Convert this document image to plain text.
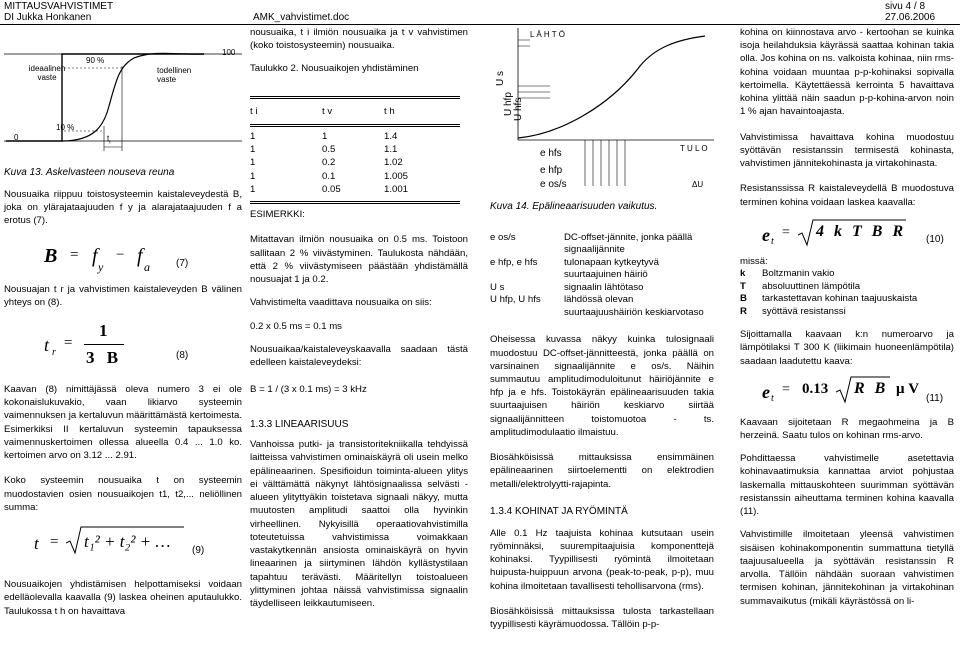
MITTAUSVAHVISTIMET
DI Jukka Honkanen	AMK_vahvistimet.doc
sivu 4 / 8
27.06.2006
ideaalinen vaste
todellinen vaste
90 %
10 %
100
0	$t_r$
Kuva 13. Askelvasteen nouseva reuna

Nousuaika riippuu toistosysteemin kaistaleveydestä B, joka on ylärajataajuuden f y ja alarajataajuuden f a erotus (7).

B = f y
− f a	(7)

Nousuajan t r ja vahvistimen kaistaleveyden B välinen yhteys on (8).

t r
=
1
3 B	(8)

Kaavan (8) nimittäjässä oleva numero 3 ei ole kokonaislukuvakio, vaan likiarvo systeemin vaimennuksen ja kertaluvun määrittämästä kertoimesta. Esimerkiksi II kertaluvun systeemin tapauksessa vaimennuskertoimen ollessa alueella 0.4 ... 1.0 ko. kertoimen arvo on 3.12 ... 2.91.

Koko systeemin nousuaika t on systeemin muodostavien osien nousuaikojen t1, t2,... neliöllinen summa:

t = t₁² + t₂² + … (9)

Nousuaikojen yhdistämisen helpottamiseksi voidaan edelläolevalla kaavalla (9) laskea oheinen aputaulukko. Taulukossa t h on havaittava

nousuaika, t i ilmiön nousuaika ja t v vahvistimen (koko toistosysteemin) nousuaika.

Taulukko 2. Nousuaikojen yhdistäminen
t i	t v	t h
1	1	1.4
1	0.5	1.1
1	0.2	1.02
1	0.1	1.005
1	0.05	1.001
ESIMERKKI:

Mitattavan ilmiön nousuaika on 0.5 ms. Toistoon sallitaan 2 % viivästyminen. Taulukosta nähdään, että 2 % viivästymiseen päästään yhdistämällä nousuajat 1 ja 0.2.

Vahvistimelta vaadittava nousuaika on siis:

0.2 x 0.5 ms = 0.1 ms

Nousuaikaa/kaistaleveyskaavalla saadaan tästä edelleen kaistaleveydeksi:

B = 1 / (3 x 0.1 ms) = 3 kHz
1.3.3 LINEAARISUUS

Vanhoissa putki- ja transistoritekniikalla tehdyissä laitteissa vahvistimen ominaiskäyrä oli usein melko epälineaarinen. Spesifioidun toiminta-alueen ylitys ei välttämättä näkynyt lähtösignaalissa selvästi - alueen ylityttyäkin toistetava signaali näkyy, mutta muutosten amplitudi saattoi olla hyvinkin virheellinen. Nykyisillä operaatiovahvistimilla toteutetuissa vahvistimissa voimakkaan vastakytkennän ansiosta ominaiskäyrä on hyvin lineaarinen ja siirtyminen lähdön kyllästystilaan tapahtuu terävästi. Määritellyn toistoalueen ylittyminen johtaa näissä vahvistimissa signaalin täydelliseen leikkautumiseen.

L Ä H T Ö
T U L O
U s
U hfp U hfs
e hfs
e hfp
e os/s	ΔU
Kuva 14. Epälineaarisuuden vaikutus.
e os/s	DC-offset-jännite, jonka päällä signaalijännite
e hfp, e hfs	tulonapaan kytkeytyvä suurtaajuinen häiriö
U s	signaalin lähtötaso
U hfp, U hfs	lähdössä olevan suurtaajuushäiriön keskiarvotaso

Oheisessa kuvassa näkyy kuinka tulosignaali muodostuu DC-offset-jännitteestä, jonka päällä on varsinainen signaalijännite e os/s. Näihin summautuu amplitudimoduloitunut häiriöjännite e hfp ja e hfs. Toistokäyrän epälineaarisuuden takia suurtaajuisen häiriön keskiarvo siirtää signaalijännitteen toistomuotoa - ts. amplitudimodulaatio ilmaistuu.

Biosähköisissä mittauksissa ensimmäinen epälineaarinen siirtoelementti on elektrodien metalli/elektrolyytti-rajapinta.

1.3.4 KOHINAT JA RYÖMINTÄ

Alle 0.1 Hz taajuista kohinaa kutsutaan usein ryöminnäksi, suurempitaajuisia komponenttejä kohinaksi. Tyypillisesti ryömintä ilmoitetaan huipusta-huippuun arvona (peak-to-peak, p-p), muu kohina ilmoitetaan tavallisesti tehollisarvona (rms).

Biosähköisissä mittauksissa tulosta tarkastellaan tyypillisesti käyrämuodossa. Tällöin p-p-

kohina on kiinnostava arvo - kertoohan se kuinka isoja heilahduksia käyrässä saattaa kohinan takia olla. Jos kohina on ns. valkoista kohinaa, niin rms-kohina voidaan muuntaa p-p-kohinaksi sopivalla kertoimella. Käytettäessä kerrointa 5 havaittava kohina ylittää näin saadun p-p-kohina-arvon noin 1 % ajan havaintoajasta.

Vahvistimissa havaittava kohina muodostuu syöttävän resistanssin termisestä kohinasta, vahvistimen jännitekohinasta ja virtakohinasta.

Resistanssissa R kaistaleveydellä B muodostuva terminen kohina voidaan laskea kaavalla:

e t
= 4 k T B R (10)
missä:
k	Boltzmanin vakio
T	absoluuttinen lämpötila
B	tarkastettavan kohinan taajuuskaista
R	syöttävä resistanssi

Sijoittamalla kaavaan k:n numeroarvo ja lämpötilaksi T 300 K (liikimain huoneenlämpötila) saadaan laadutettu kaava:

e t
= 0.13 R B μ V
(11)

Kaavaan sijoitetaan R megaohmeina ja B herzeinä. Saatu tulos on kohinan rms-arvo.

Pohdittaessa vahvistimelle asetettavia kohinavaatimuksia kannattaa arviot pohjustaa laskemalla mittauskohteen suurimman syöttävän resistanssin aiheuttama terminen kohina kaavalla (11).

Vahvistimille ilmoitetaan yleensä vahvistimen sisäisen kohinakomponentin summattuna tietyllä taajuusalueella ja syöttävän resistanssin R arvolla. Tällöin nähdään suoraan vahvistimen termisen kohinan, jännitekohinan ja virtakohinan summavaikutus (mikäli käyrästössä on li-
